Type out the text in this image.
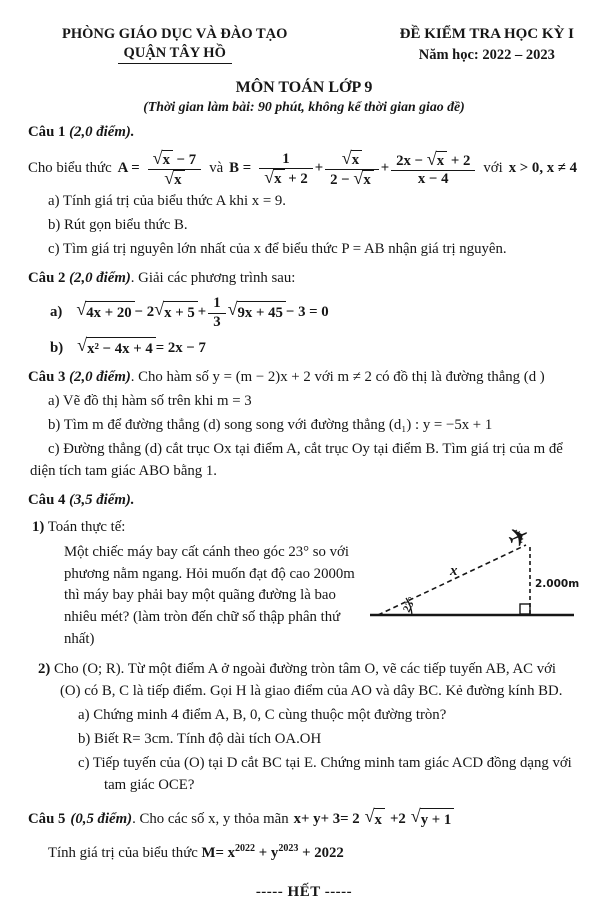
PHÒNG GIÁO DỤC VÀ ĐÀO TẠO
QUẬN TÂY HỒ
ĐỀ KIỂM TRA HỌC KỲ I
Năm học: 2022 – 2023
MÔN TOÁN LỚP 9
(Thời gian làm bài: 90 phút, không kể thời gian giao đề)

Câu 1 (2,0 điểm).

Cho biểu thức $A = \frac{√ x - 7}{√ x}$ và $B = \frac{1}{√ x + 2} + \frac{√ x}{2 - √ x} + \frac{2x - √ x + 2}{x - 4}$ với x > 0, x ≠ 4

a) Tính giá trị của biểu thức A khi x = 9.

b) Rút gọn biểu thức B.

c) Tìm giá trị nguyên lớn nhất của x để biểu thức P = AB nhận giá trị nguyên.

Câu 2 (2,0 điểm). Giải các phương trình sau:

a) √ 4x + 20 − 2 √ $x + 5 + \frac{1}{3}$ √ 9x + 45 − 3 = 0

b) √ x² − 4x + 4 = 2x − 7

Câu 3 (2,0 điểm). Cho hàm số y = (m − 2)x + 2 với m ≠ 2 có đồ thị là đường thẳng (d )

a) Vẽ đồ thị hàm số trên khi m = 3

b) Tìm m để đường thẳng (d) song song với đường thẳng (d₁) : y = −5x + 1

c) Đường thẳng (d) cắt trục Ox tại điểm A, cắt trục Oy tại điểm B. Tìm giá trị của m để diện tích tam giác ABO bằng 1.

Câu 4 (3,5 điểm).

1) Toán thực tế:

Một chiếc máy bay cất cánh theo góc 23° so với phương nằm ngang. Hỏi muốn đạt độ cao 2000m thì máy bay phải bay một quãng đường là bao nhiêu mét? (làm tròn đến chữ số thập phân thứ nhất)

x
23°
2.000m
✈

2) Cho (O; R). Từ một điểm A ở ngoài đường tròn tâm O, vẽ các tiếp tuyến AB, AC với (O) có B, C là tiếp điểm. Gọi H là giao điểm của AO và dây BC. Kẻ đường kính BD.

a) Chứng minh 4 điểm A, B, 0, C cùng thuộc một đường tròn?

b) Biết R= 3cm. Tính độ dài tích OA.OH

c) Tiếp tuyến của (O) tại D cắt BC tại E. Chứng minh tam giác ACD đồng dạng với tam giác OCE?

Câu 5 (0,5 điểm) . Cho các số x, y thỏa mãn x+ y+ 3= 2 √ x +2 √ y + 1

Tính giá trị của biểu thức $M= x^{2022} + y^{2023} + 2022$

----- HẾT -----
